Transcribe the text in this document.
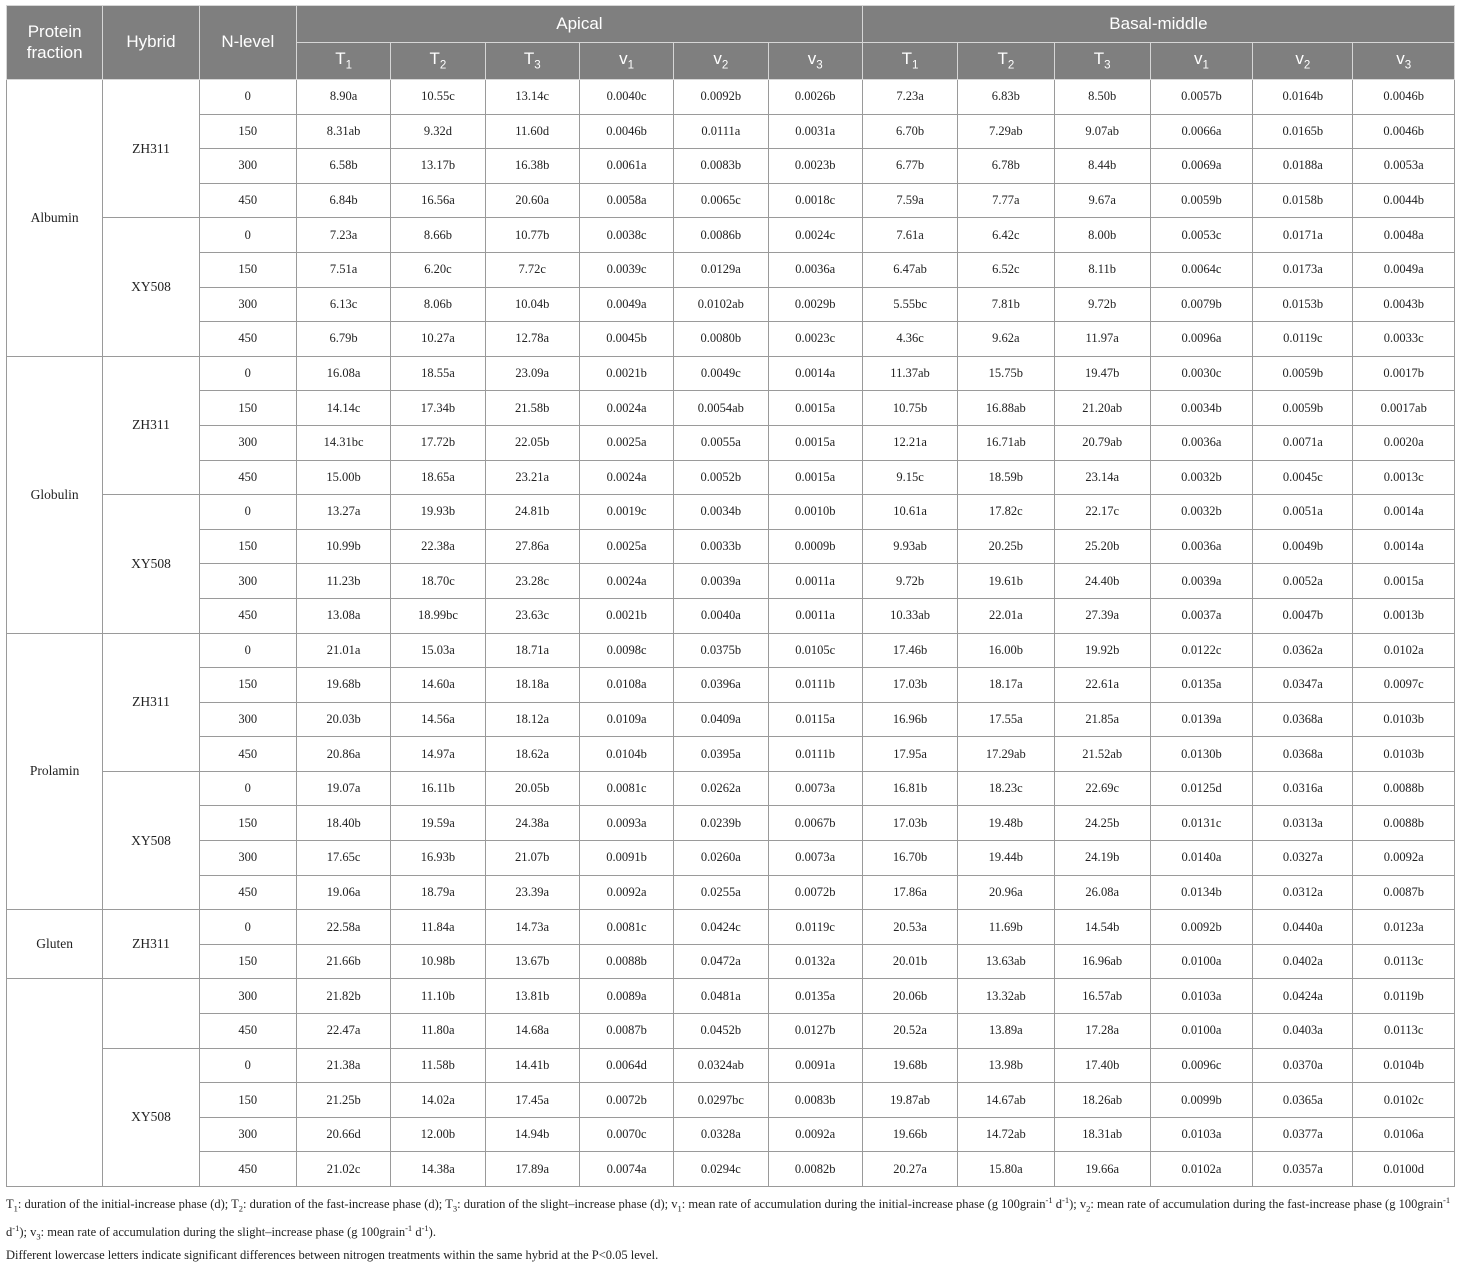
Protein fraction	Hybrid	N-level	Apical						Basal-middle					
			$T_1$	$T_2$	$T_3$	$v_1$	$v_2$	$v_3$	$T_1$	$T_2$	$T_3$	$v_1$	$v_2$	$v_3$
Albumin	ZH311	0	8.90a	10.55c	13.14c	0.0040c	0.0092b	0.0026b	7.23a	6.83b	8.50b	0.0057b	0.0164b	0.0046b
		150	8.31ab	9.32d	11.60d	0.0046b	0.0111a	0.0031a	6.70b	7.29ab	9.07ab	0.0066a	0.0165b	0.0046b
		300	6.58b	13.17b	16.38b	0.0061a	0.0083b	0.0023b	6.77b	6.78b	8.44b	0.0069a	0.0188a	0.0053a
		450	6.84b	16.56a	20.60a	0.0058a	0.0065c	0.0018c	7.59a	7.77a	9.67a	0.0059b	0.0158b	0.0044b
	XY508	0	7.23a	8.66b	10.77b	0.0038c	0.0086b	0.0024c	7.61a	6.42c	8.00b	0.0053c	0.0171a	0.0048a
		150	7.51a	6.20c	7.72c	0.0039c	0.0129a	0.0036a	6.47ab	6.52c	8.11b	0.0064c	0.0173a	0.0049a
		300	6.13c	8.06b	10.04b	0.0049a	0.0102ab	0.0029b	5.55bc	7.81b	9.72b	0.0079b	0.0153b	0.0043b
		450	6.79b	10.27a	12.78a	0.0045b	0.0080b	0.0023c	4.36c	9.62a	11.97a	0.0096a	0.0119c	0.0033c
Globulin	ZH311	0	16.08a	18.55a	23.09a	0.0021b	0.0049c	0.0014a	11.37ab	15.75b	19.47b	0.0030c	0.0059b	0.0017b
		150	14.14c	17.34b	21.58b	0.0024a	0.0054ab	0.0015a	10.75b	16.88ab	21.20ab	0.0034b	0.0059b	0.0017ab
		300	14.31bc	17.72b	22.05b	0.0025a	0.0055a	0.0015a	12.21a	16.71ab	20.79ab	0.0036a	0.0071a	0.0020a
		450	15.00b	18.65a	23.21a	0.0024a	0.0052b	0.0015a	9.15c	18.59b	23.14a	0.0032b	0.0045c	0.0013c
	XY508	0	13.27a	19.93b	24.81b	0.0019c	0.0034b	0.0010b	10.61a	17.82c	22.17c	0.0032b	0.0051a	0.0014a
		150	10.99b	22.38a	27.86a	0.0025a	0.0033b	0.0009b	9.93ab	20.25b	25.20b	0.0036a	0.0049b	0.0014a
		300	11.23b	18.70c	23.28c	0.0024a	0.0039a	0.0011a	9.72b	19.61b	24.40b	0.0039a	0.0052a	0.0015a
		450	13.08a	18.99bc	23.63c	0.0021b	0.0040a	0.0011a	10.33ab	22.01a	27.39a	0.0037a	0.0047b	0.0013b
Prolamin	ZH311	0	21.01a	15.03a	18.71a	0.0098c	0.0375b	0.0105c	17.46b	16.00b	19.92b	0.0122c	0.0362a	0.0102a
		150	19.68b	14.60a	18.18a	0.0108a	0.0396a	0.0111b	17.03b	18.17a	22.61a	0.0135a	0.0347a	0.0097c
		300	20.03b	14.56a	18.12a	0.0109a	0.0409a	0.0115a	16.96b	17.55a	21.85a	0.0139a	0.0368a	0.0103b
		450	20.86a	14.97a	18.62a	0.0104b	0.0395a	0.0111b	17.95a	17.29ab	21.52ab	0.0130b	0.0368a	0.0103b
	XY508	0	19.07a	16.11b	20.05b	0.0081c	0.0262a	0.0073a	16.81b	18.23c	22.69c	0.0125d	0.0316a	0.0088b
		150	18.40b	19.59a	24.38a	0.0093a	0.0239b	0.0067b	17.03b	19.48b	24.25b	0.0131c	0.0313a	0.0088b
		300	17.65c	16.93b	21.07b	0.0091b	0.0260a	0.0073a	16.70b	19.44b	24.19b	0.0140a	0.0327a	0.0092a
		450	19.06a	18.79a	23.39a	0.0092a	0.0255a	0.0072b	17.86a	20.96a	26.08a	0.0134b	0.0312a	0.0087b
Gluten	ZH311	0	22.58a	11.84a	14.73a	0.0081c	0.0424c	0.0119c	20.53a	11.69b	14.54b	0.0092b	0.0440a	0.0123a
		150	21.66b	10.98b	13.67b	0.0088b	0.0472a	0.0132a	20.01b	13.63ab	16.96ab	0.0100a	0.0402a	0.0113c
		300	21.82b	11.10b	13.81b	0.0089a	0.0481a	0.0135a	20.06b	13.32ab	16.57ab	0.0103a	0.0424a	0.0119b
		450	22.47a	11.80a	14.68a	0.0087b	0.0452b	0.0127b	20.52a	13.89a	17.28a	0.0100a	0.0403a	0.0113c
	XY508	0	21.38a	11.58b	14.41b	0.0064d	0.0324ab	0.0091a	19.68b	13.98b	17.40b	0.0096c	0.0370a	0.0104b
		150	21.25b	14.02a	17.45a	0.0072b	0.0297bc	0.0083b	19.87ab	14.67ab	18.26ab	0.0099b	0.0365a	0.0102c
		300	20.66d	12.00b	14.94b	0.0070c	0.0328a	0.0092a	19.66b	14.72ab	18.31ab	0.0103a	0.0377a	0.0106a
		450	21.02c	14.38a	17.89a	0.0074a	0.0294c	0.0082b	20.27a	15.80a	19.66a	0.0102a	0.0357a	0.0100d
$T_1$: duration of the initial-increase phase (d); $T_2$: duration of the fast-increase phase (d); $T_3$: duration of the slight–increase phase (d); $v_1$: mean rate of accumulation during the initial-increase phase (g 100grain$^{-1}$ $d^{-1}$); $v_2$: mean rate of accumulation during the fast-increase phase (g 100grain$^{-1}$ $d^{-1}$); $v_3$: mean rate of accumulation during the slight–increase phase (g 100grain$^{-1}$ $d^{-1}$).
Different lowercase letters indicate significant differences between nitrogen treatments within the same hybrid at the P<0.05 level.
